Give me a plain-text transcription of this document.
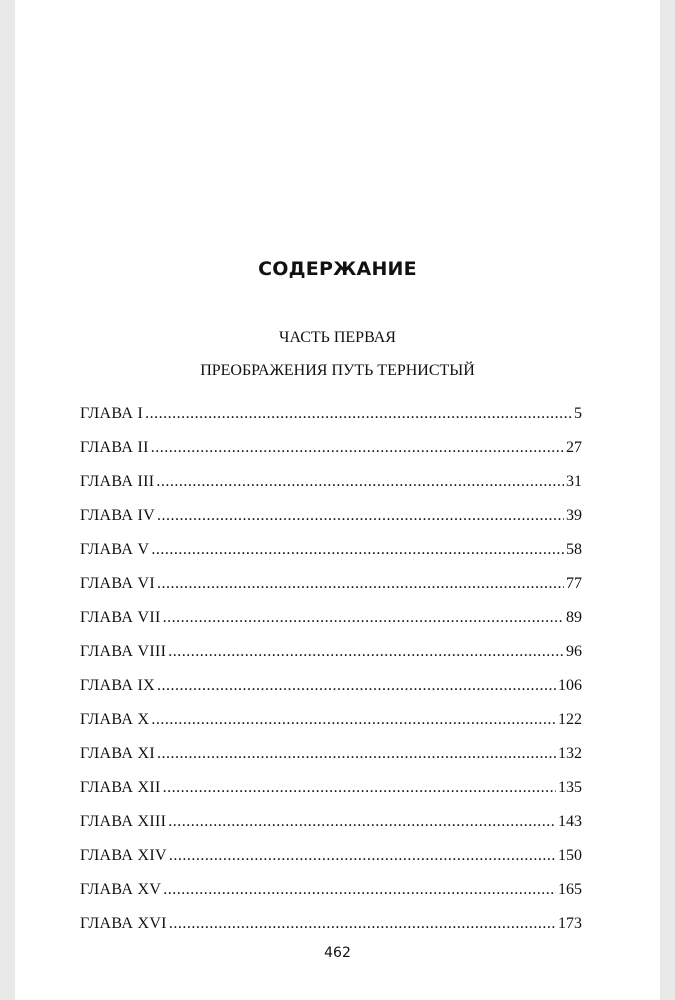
СОДЕРЖАНИЕ
ЧАСТЬ ПЕРВАЯ
ПРЕОБРАЖЕНИЯ ПУТЬ ТЕРНИСТЫЙ
ГЛАВА I .....	5
ГЛАВА II .....	27
ГЛАВА III .....	31
ГЛАВА IV .....	39
ГЛАВА V .....	58
ГЛАВА VI .....	77
ГЛАВА VII .....	89
ГЛАВА VIII .....	96
ГЛАВА IX .....	106
ГЛАВА X .....	122
ГЛАВА XI .....	132
ГЛАВА XII .....	135
ГЛАВА XIII .....	143
ГЛАВА XIV .....	150
ГЛАВА XV .....	165
ГЛАВА XVI .....	173
462
